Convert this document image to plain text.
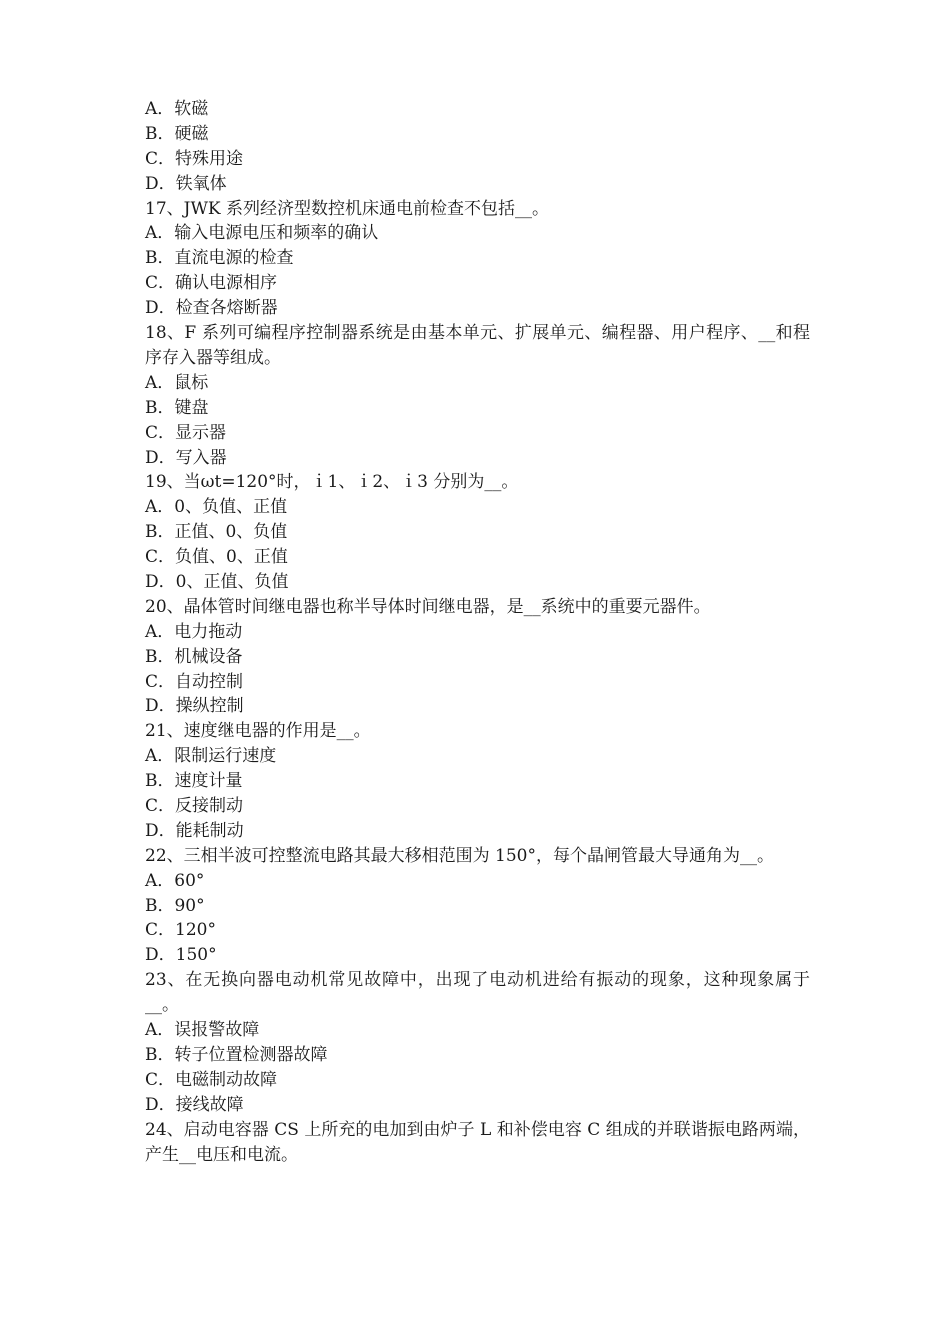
A．软磁
B．硬磁
C．特殊用途
D．铁氧体
17、JWK 系列经济型数控机床通电前检查不包括__。
A．输入电源电压和频率的确认
B．直流电源的检查
C．确认电源相序
D．检查各熔断器
18、F 系列可编程序控制器系统是由基本单元、扩展单元、编程器、用户程序、__和程序存入器等组成。
A．鼠标
B．键盘
C．显示器
D．写入器
19、当ωt=120°时，ｉ1、ｉ2、ｉ3 分别为__。
A．0、负值、正值
B．正值、0、负值
C．负值、0、正值
D．0、正值、负值
20、晶体管时间继电器也称半导体时间继电器，是__系统中的重要元器件。
A．电力拖动
B．机械设备
C．自动控制
D．操纵控制
21、速度继电器的作用是__。
A．限制运行速度
B．速度计量
C．反接制动
D．能耗制动
22、三相半波可控整流电路其最大移相范围为 150°，每个晶闸管最大导通角为__。
A．60°
B．90°
C．120°
D．150°
23、在无换向器电动机常见故障中，出现了电动机进给有振动的现象，这种现象属于__。
A．误报警故障
B．转子位置检测器故障
C．电磁制动故障
D．接线故障
24、启动电容器 CS 上所充的电加到由炉子 L 和补偿电容 C 组成的并联谐振电路两端，产生__电压和电流。
